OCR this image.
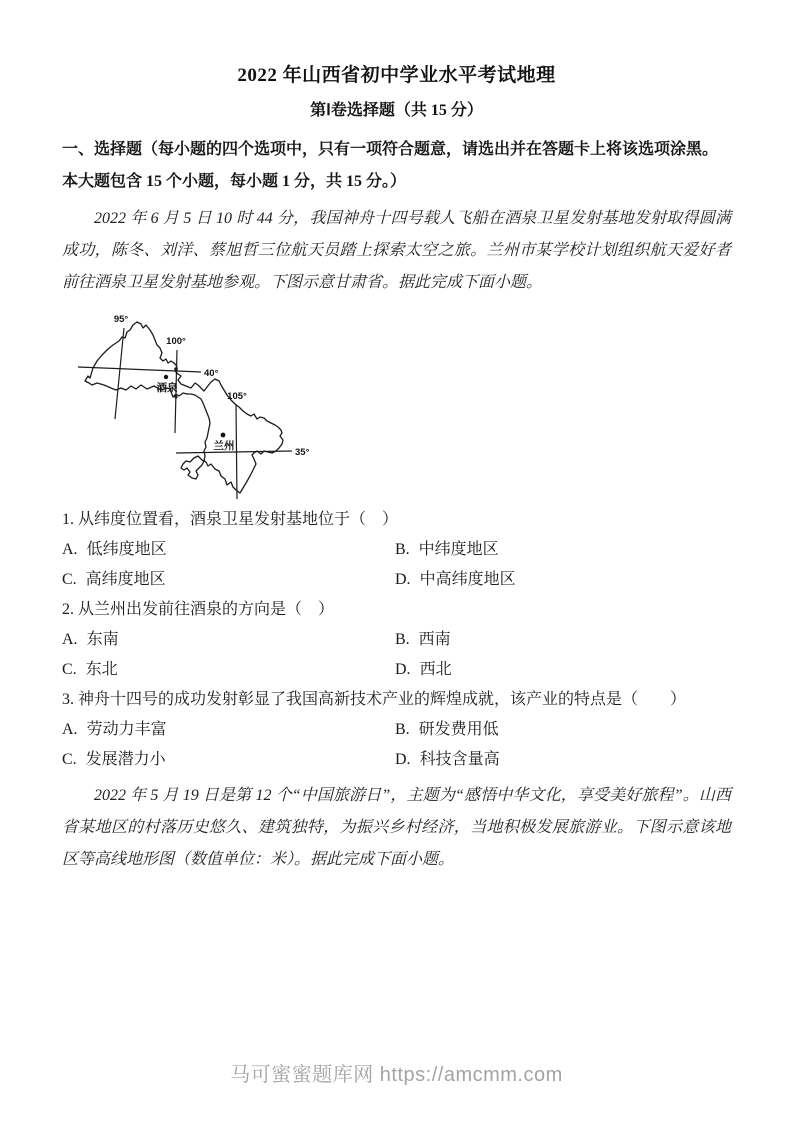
2022 年山西省初中学业水平考试地理
第Ⅰ卷选择题（共 15 分）

一、选择题（每小题的四个选项中，只有一项符合题意，请选出并在答题卡上将该选项涂黑。
本大题包含 15 个小题，每小题 1 分，共 15 分。）

2022 年 6 月 5 日 10 时 44 分，我国神舟十四号载人飞船在酒泉卫星发射基地发射取得圆满成功，陈冬、刘洋、蔡旭哲三位航天员踏上探索太空之旅。兰州市某学校计划组织航天爱好者前往酒泉卫星发射基地参观。下图示意甘肃省。据此完成下面小题。

95°
100°
105°
40°
35°
酒泉
兰州

1. 从纬度位置看，酒泉卫星发射基地位于（　）

A. 低纬度地区	B. 中纬度地区
C. 高纬度地区	D. 中高纬度地区

2. 从兰州出发前往酒泉的方向是（　）

A. 东南	B. 西南
C. 东北	D. 西北

3. 神舟十四号的成功发射彰显了我国高新技术产业的辉煌成就，该产业的特点是（　　）

A. 劳动力丰富	B. 研发费用低
C. 发展潜力小	D. 科技含量高

2022 年 5 月 19 日是第 12 个“中国旅游日”，主题为“感悟中华文化，享受美好旅程”。山西省某地区的村落历史悠久、建筑独特，为振兴乡村经济，当地积极发展旅游业。下图示意该地区等高线地形图（数值单位：米）。据此完成下面小题。

马可蜜蜜题库网 https://amcmm.com
